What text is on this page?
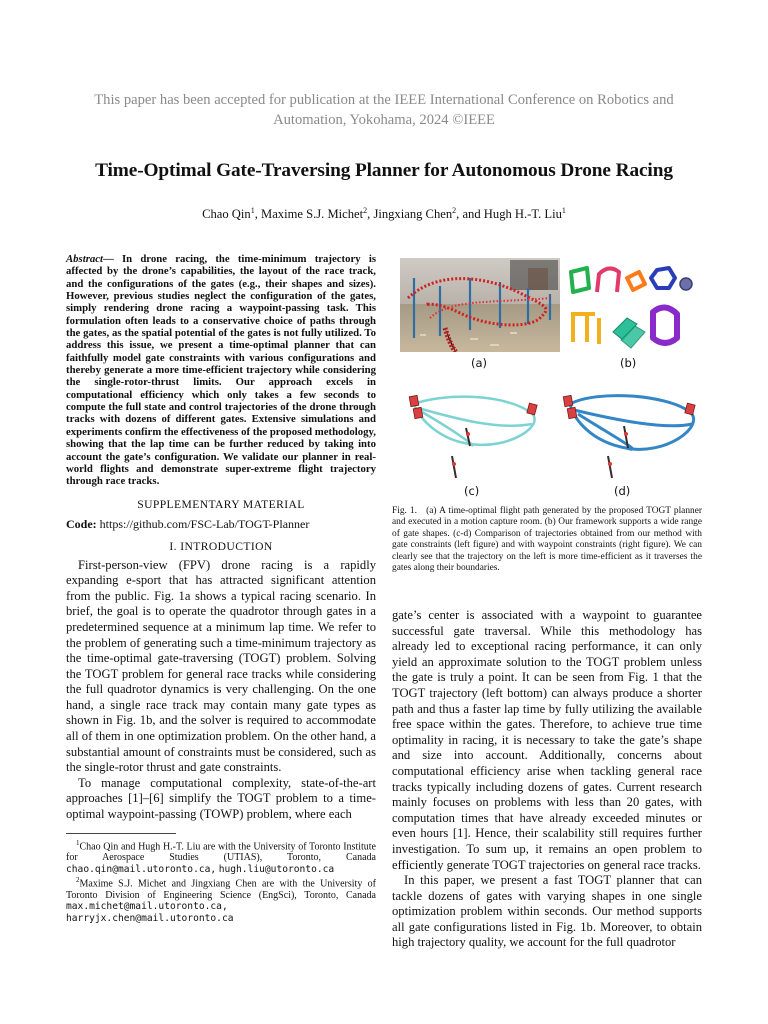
This paper has been accepted for publication at the IEEE International Conference on Robotics and Automation, Yokohama, 2024 ©IEEE
Time-Optimal Gate-Traversing Planner for Autonomous Drone Racing
Chao Qin$^1$, Maxime S.J. Michet$^2$, Jingxiang Chen$^2$, and Hugh H.-T. Liu$^1$

Abstract— In drone racing, the time-minimum trajectory is affected by the drone’s capabilities, the layout of the race track, and the configurations of the gates (e.g., their shapes and sizes). However, previous studies neglect the configuration of the gates, simply rendering drone racing a waypoint-passing task. This formulation often leads to a conservative choice of paths through the gates, as the spatial potential of the gates is not fully utilized. To address this issue, we present a time-optimal planner that can faithfully model gate constraints with various configurations and thereby generate a more time-efficient trajectory while considering the single-rotor-thrust limits. Our approach excels in computational efficiency which only takes a few seconds to compute the full state and control trajectories of the drone through tracks with dozens of different gates. Extensive simulations and experiments confirm the effectiveness of the proposed methodology, showing that the lap time can be further reduced by taking into account the gate’s configuration. We validate our planner in real-world flights and demonstrate super-extreme flight trajectory through race tracks.

SUPPLEMENTARY MATERIAL

Code: https://github.com/FSC-Lab/TOGT-Planner

I. INTRODUCTION

First-person-view (FPV) drone racing is a rapidly expanding e-sport that has attracted significant attention from the public. Fig. 1a shows a typical racing scenario. In brief, the goal is to operate the quadrotor through gates in a predetermined sequence at a minimum lap time. We refer to the problem of generating such a time-minimum trajectory as the time-optimal gate-traversing (TOGT) problem. Solving the TOGT problem for general race tracks while considering the full quadrotor dynamics is very challenging. On the one hand, a single race track may contain many gate types as shown in Fig. 1b, and the solver is required to accommodate all of them in one optimization problem. On the other hand, a substantial amount of constraints must be considered, such as the single-rotor thrust and gate constraints.

To manage computational complexity, state-of-the-art approaches [1]–[6] simplify the TOGT problem to a time-optimal waypoint-passing (TOWP) problem, where each

$^1$Chao Qin and Hugh H.-T. Liu are with the University of Toronto Institute for Aerospace Studies (UTIAS), Toronto, Canada chao.qin@mail.utoronto.ca, hugh.liu@utoronto.ca

$^2$Maxime S.J. Michet and Jingxiang Chen are with the University of Toronto Division of Engineering Science (EngSci), Toronto, Canada max.michet@mail.utoronto.ca, harryjx.chen@mail.utoronto.ca

(a)	(b)
(c)	(d)

Fig. 1. (a) A time-optimal flight path generated by the proposed TOGT planner and executed in a motion capture room. (b) Our framework supports a wide range of gate shapes. (c-d) Comparison of trajectories obtained from our method with gate constraints (left figure) and with waypoint constraints (right figure). We can clearly see that the trajectory on the left is more time-efficient as it traverses the gates along their boundaries.

gate’s center is associated with a waypoint to guarantee successful gate traversal. While this methodology has already led to exceptional racing performance, it can only yield an approximate solution to the TOGT problem unless the gate is truly a point. It can be seen from Fig. 1 that the TOGT trajectory (left bottom) can always produce a shorter path and thus a faster lap time by fully utilizing the available free space within the gates. Therefore, to achieve true time optimality in racing, it is necessary to take the gate’s shape and size into account. Additionally, concerns about computational efficiency arise when tackling general race tracks typically including dozens of gates. Current research mainly focuses on problems with less than 20 gates, with computation times that have already exceeded minutes or even hours [1]. Hence, their scalability still requires further investigation. To sum up, it remains an open problem to efficiently generate TOGT trajectories on general race tracks.

In this paper, we present a fast TOGT planner that can tackle dozens of gates with varying shapes in one single optimization problem within seconds. Our method supports all gate configurations listed in Fig. 1b. Moreover, to obtain high trajectory quality, we account for the full quadrotor
